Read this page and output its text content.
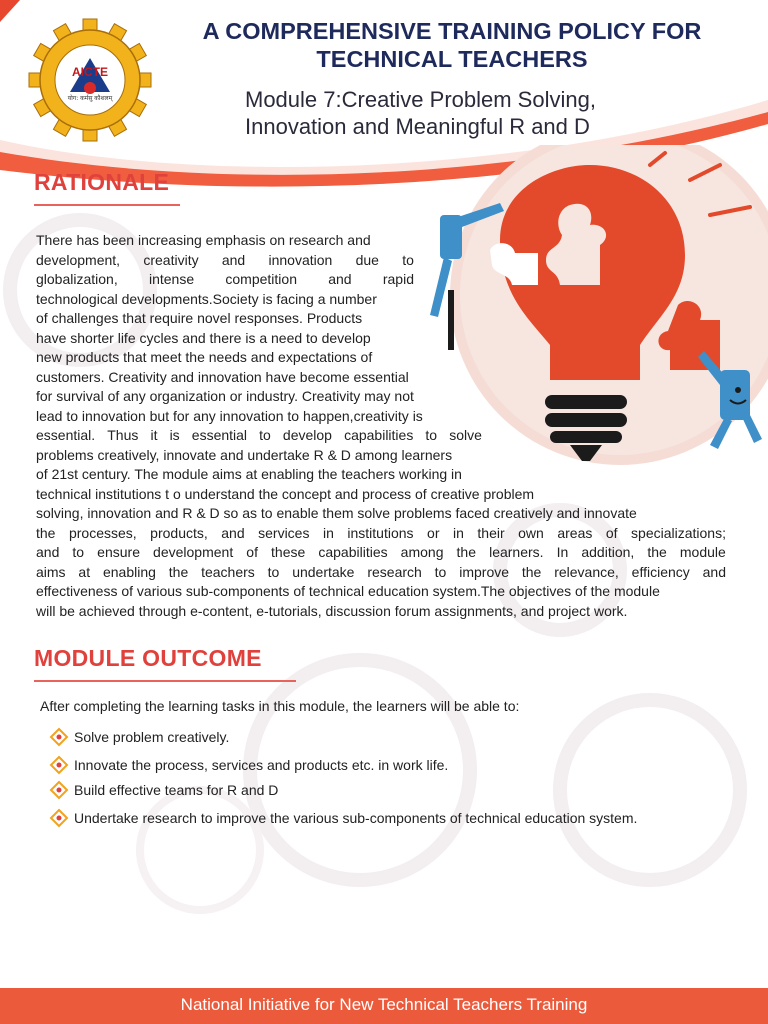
AICTE
योग: कर्मसु कौशलम्
A COMPREHENSIVE TRAINING POLICY FOR
TECHNICAL TEACHERS
Module 7:Creative Problem Solving,
Innovation and Meaningful R and D
RATIONALE
There has been increasing emphasis on research and
development, creativity and innovation due to
globalization, intense competition and rapid
technological developments.Society is facing a number
of challenges that require novel responses. Products
have shorter life cycles and there is a need to develop
new products that meet the needs and expectations of
customers. Creativity and innovation have become essential
for survival of any organization or industry. Creativity may not
lead to innovation but for any innovation to happen,creativity is
essential. Thus it is essential to develop capabilities to solve
problems creatively, innovate and undertake R & D among learners
of 21st century. The module aims at enabling the teachers working in
technical institutions t o understand the concept and process of creative problem
solving, innovation and R & D so as to enable them solve problems faced creatively and innovate
the processes, products, and services in institutions or in their own areas of specializations;
and to ensure development of these capabilities among the learners. In addition, the module
aims at enabling the teachers to undertake research to improve the relevance, efficiency and
effectiveness of various sub-components of technical education system.The objectives of the module
will be achieved through e-content, e-tutorials, discussion forum assignments, and project work.
MODULE OUTCOME
After completing the learning tasks in this module, the learners will be able to:
Solve problem creatively.
Innovate the process, services and products etc. in work life.
Build effective teams for R and D
Undertake research to improve the various sub-components of technical education system.
National Initiative for New Technical Teachers Training
